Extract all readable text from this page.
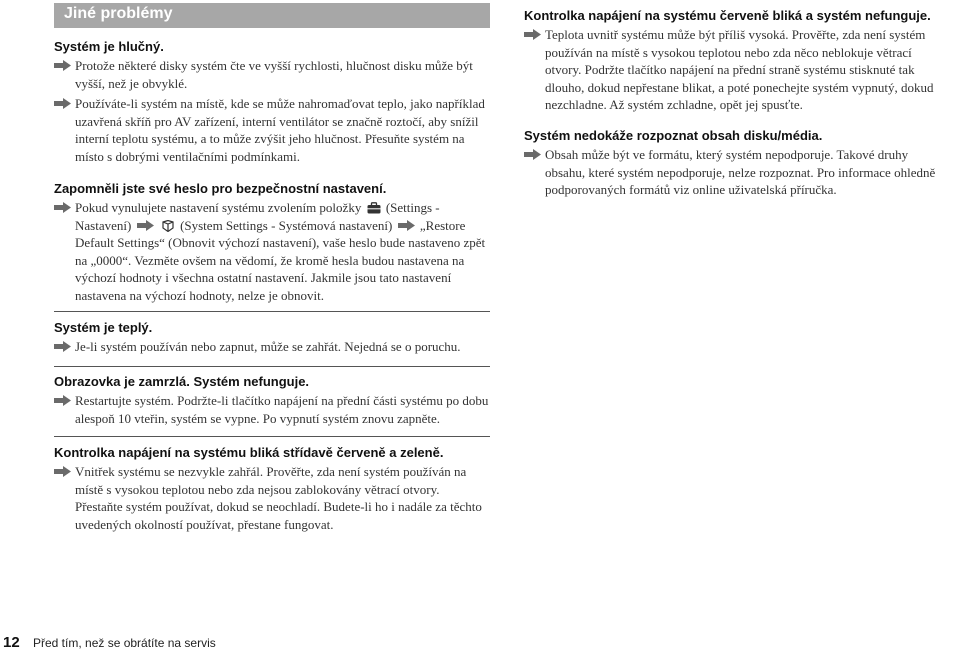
Jiné problémy
Systém je hlučný.
Protože některé disky systém čte ve vyšší rychlosti, hlučnost disku může být vyšší, než je obvyklé.
Používáte-li systém na místě, kde se může nahromaďovat teplo, jako například uzavřená skříň pro AV zařízení, interní ventilátor se značně roztočí, aby snížil interní teplotu systému, a to může zvýšit jeho hlučnost. Přesuňte systém na místo s dobrými ventilačními podmínkami.
Zapomněli jste své heslo pro bezpečnostní nastavení.
Pokud vynulujete nastavení systému zvolením položky (Settings - Nastavení)	(System Settings - Systémová nastavení) „Restore Default Settings“ (Obnovit výchozí nastavení), vaše heslo bude nastaveno zpět na „0000“. Vezměte ovšem na vědomí, že kromě hesla budou nastavena na výchozí hodnoty i všechna ostatní nastavení. Jakmile jsou tato nastavení nastavena na výchozí hodnoty, nelze je obnovit.
Systém je teplý.
Je-li systém používán nebo zapnut, může se zahřát. Nejedná se o poruchu.
Obrazovka je zamrzlá. Systém nefunguje.
Restartujte systém. Podržte-li tlačítko napájení na přední části systému po dobu alespoň 10 vteřin, systém se vypne. Po vypnutí systém znovu zapněte.
Kontrolka napájení na systému bliká střídavě červeně a zeleně.
Vnitřek systému se nezvykle zahřál. Prověřte, zda není systém používán na místě s vysokou teplotou nebo zda nejsou zablokovány větrací otvory. Přestaňte systém používat, dokud se neochladí. Budete-li ho i nadále za těchto uvedených okolností používat, přestane fungovat.
Kontrolka napájení na systému červeně bliká a systém nefunguje.
Teplota uvnitř systému může být příliš vysoká. Prověřte, zda není systém používán na místě s vysokou teplotou nebo zda něco neblokuje větrací otvory. Podržte tlačítko napájení na přední straně systému stisknuté tak dlouho, dokud nepřestane blikat, a poté ponechejte systém vypnutý, dokud nezchladne. Až systém zchladne, opět jej spusťte.
Systém nedokáže rozpoznat obsah disku/média.
Obsah může být ve formátu, který systém nepodporuje. Takové druhy obsahu, které systém nepodporuje, nelze rozpoznat. Pro informace ohledně podporovaných formátů viz online uživatelská příručka.
12 Před tím, než se obrátíte na servis
